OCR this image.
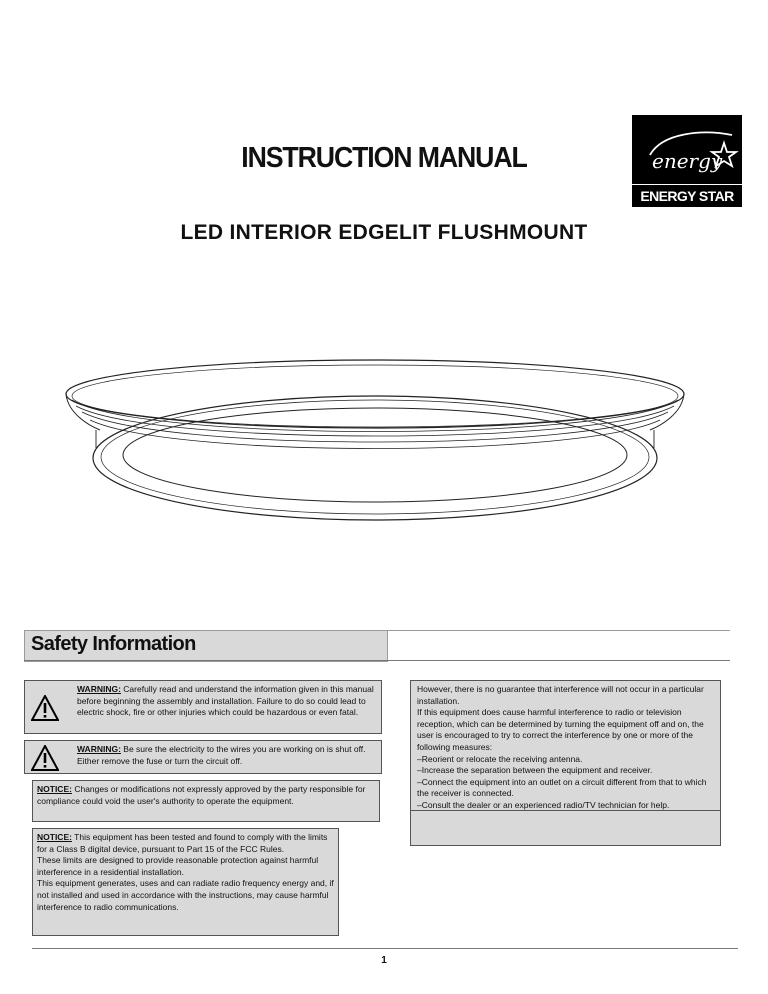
INSTRUCTION MANUAL	energy
ENERGY STAR
LED INTERIOR EDGELIT FLUSHMOUNT
Safety Information
WARNING: Carefully read and understand the information given in this manual before beginning the assembly and installation. Failure to do so could lead to electric shock, fire or other injuries which could be hazardous or even fatal.
WARNING: Be sure the electricity to the wires you are working on is shut off. Either remove the fuse or turn the circuit off.

NOTICE: Changes or modifications not expressly approved by the party responsible for compliance could void the user's authority to operate the equipment.

NOTICE: This equipment has been tested and found to comply with the limits for a Class B digital device, pursuant to Part 15 of the FCC Rules.

These limits are designed to provide reasonable protection against harmful interference in a residential installation.

This equipment generates, uses and can radiate radio frequency energy and, if not installed and used in accordance with the instructions, may cause harmful interference to radio communications.

However, there is no guarantee that interference will not occur in a particular installation.

If this equipment does cause harmful interference to radio or television reception, which can be determined by turning the equipment off and on, the user is encouraged to try to correct the interference by one or more of the following measures:

–Reorient or relocate the receiving antenna.

–Increase the separation between the equipment and receiver.

–Connect the equipment into an outlet on a circuit different from that to which the receiver is connected.

–Consult the dealer or an experienced radio/TV technician for help.

1
